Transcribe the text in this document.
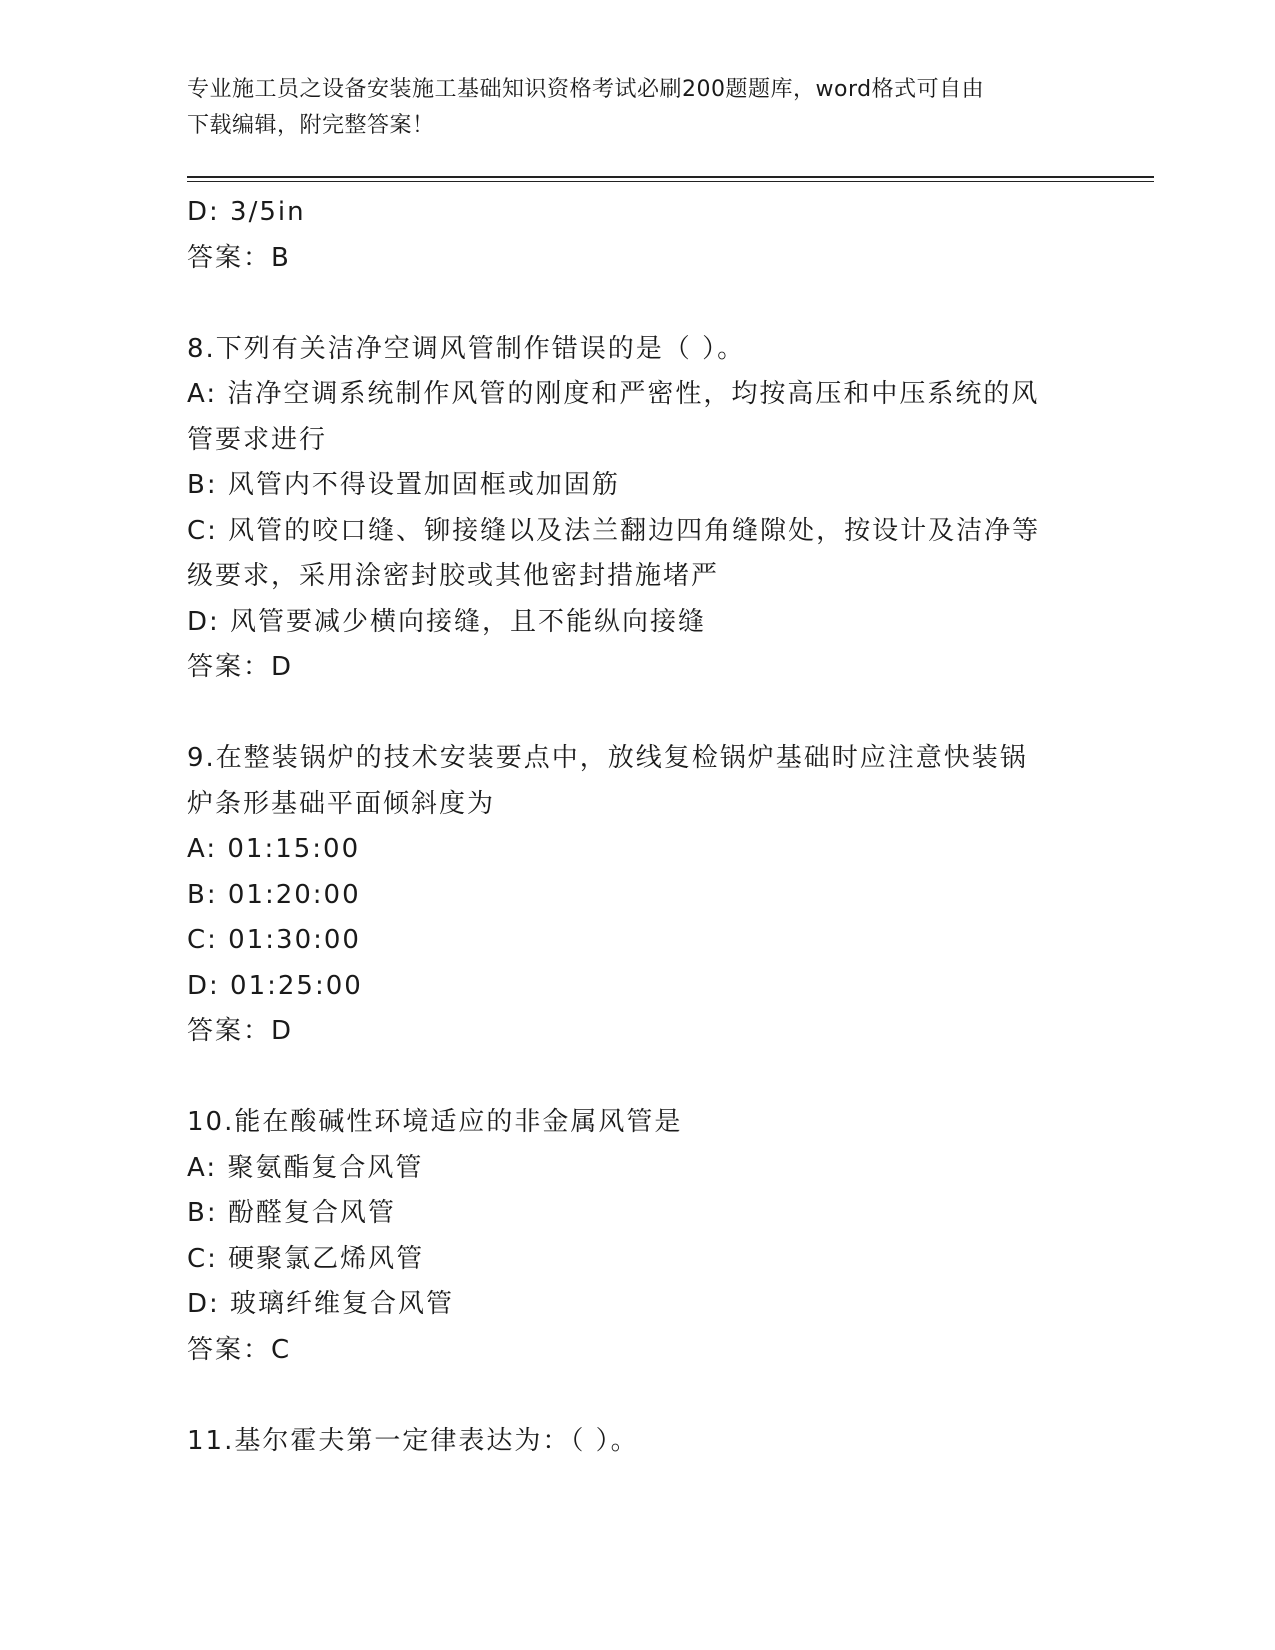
专业施工员之设备安装施工基础知识资格考试必刷200题题库，word格式可自由
下载编辑，附完整答案！

D: 3/5in

答案：B

8.下列有关洁净空调风管制作错误的是（ ）。

A: 洁净空调系统制作风管的刚度和严密性，均按高压和中压系统的风

管要求进行

B: 风管内不得设置加固框或加固筋

C: 风管的咬口缝、铆接缝以及法兰翻边四角缝隙处，按设计及洁净等

级要求，采用涂密封胶或其他密封措施堵严

D: 风管要减少横向接缝，且不能纵向接缝

答案：D

9.在整装锅炉的技术安装要点中，放线复检锅炉基础时应注意快装锅

炉条形基础平面倾斜度为

A: 01:15:00

B: 01:20:00

C: 01:30:00

D: 01:25:00

答案：D

10.能在酸碱性环境适应的非金属风管是

A: 聚氨酯复合风管

B: 酚醛复合风管

C: 硬聚氯乙烯风管

D: 玻璃纤维复合风管

答案：C

11.基尔霍夫第一定律表达为：（ ）。
